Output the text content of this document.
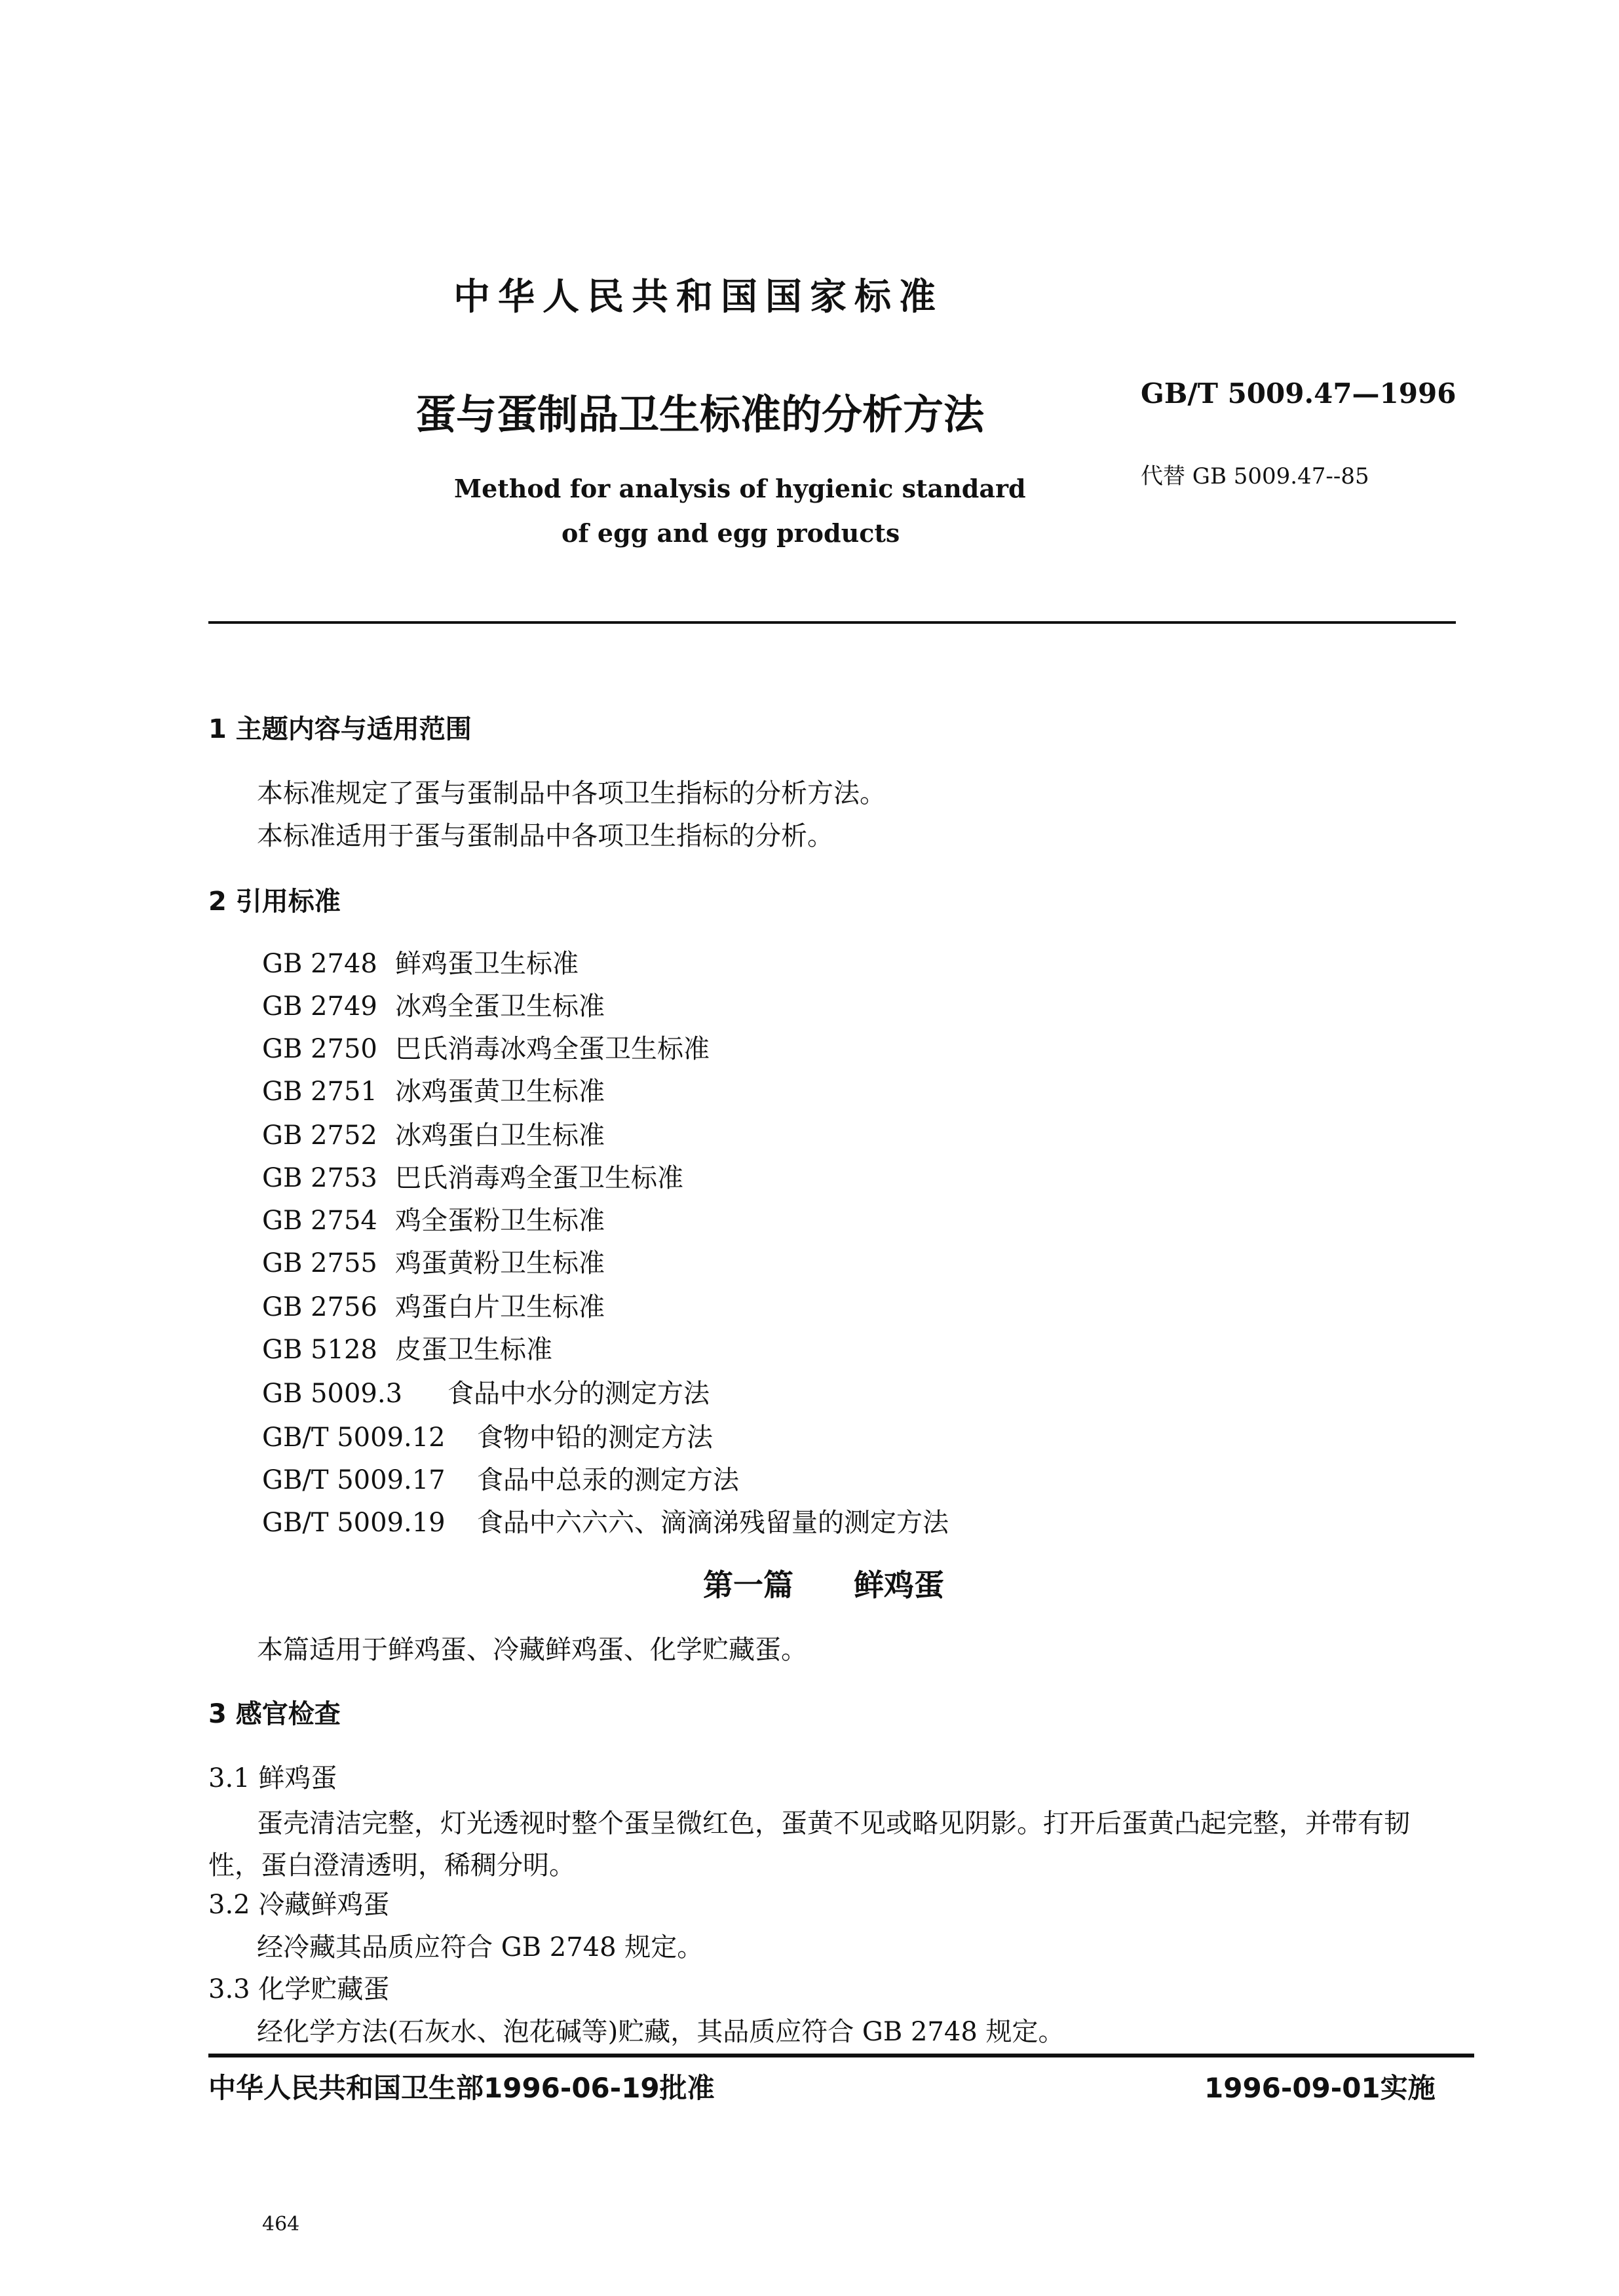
中华人民共和国国家标准
蛋与蛋制品卫生标准的分析方法	GB/T 5009.47—1996
Method for analysis of hygienic standard
of egg and egg products
代替 GB 5009.47--85
1 主题内容与适用范围
本标准规定了蛋与蛋制品中各项卫生指标的分析方法。
本标准适用于蛋与蛋制品中各项卫生指标的分析。
2 引用标准
GB 2748 鲜鸡蛋卫生标准
GB 2749 冰鸡全蛋卫生标准
GB 2750 巴氏消毒冰鸡全蛋卫生标准
GB 2751 冰鸡蛋黄卫生标准
GB 2752 冰鸡蛋白卫生标准
GB 2753 巴氏消毒鸡全蛋卫生标准
GB 2754 鸡全蛋粉卫生标准
GB 2755 鸡蛋黄粉卫生标准
GB 2756 鸡蛋白片卫生标准
GB 5128 皮蛋卫生标准
GB 5009.3 食品中水分的测定方法
GB/T 5009.12 食物中铅的测定方法
GB/T 5009.17 食品中总汞的测定方法
GB/T 5009.19 食品中六六六、滴滴涕残留量的测定方法
第一篇　　鲜鸡蛋
本篇适用于鲜鸡蛋、冷藏鲜鸡蛋、化学贮藏蛋。
3 感官检查
3.1 鲜鸡蛋
蛋壳清洁完整，灯光透视时整个蛋呈微红色，蛋黄不见或略见阴影。打开后蛋黄凸起完整，并带有韧
性，蛋白澄清透明，稀稠分明。
3.2 冷藏鲜鸡蛋
经冷藏其品质应符合 GB 2748 规定。
3.3 化学贮藏蛋
经化学方法(石灰水、泡花碱等)贮藏，其品质应符合 GB 2748 规定。
中华人民共和国卫生部1996-06-19批准	1996-09-01实施
464
